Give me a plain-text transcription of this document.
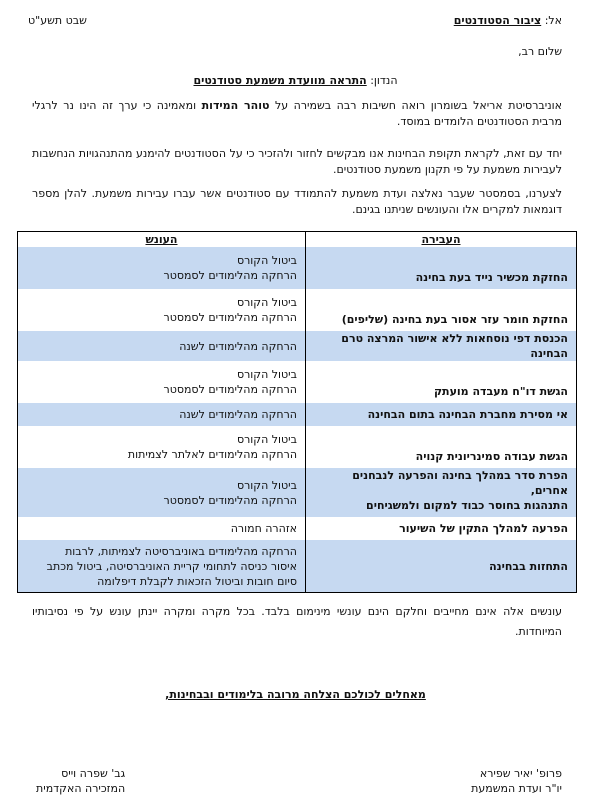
אל: ציבור הסטודנטים
שבט תשע"ט
שלום רב,
הנדון: התראה מוועדת משמעת סטודנטים
אוניברסיטת אריאל בשומרון רואה חשיבות רבה בשמירה על טוהר המידות ומאמינה כי ערך זה הינו נר לרגלי מרבית הסטודנטים הלומדים במוסד.
יחד עם זאת, לקראת תקופת הבחינות אנו מבקשים לחזור ולהזכיר כי על הסטודנטים להימנע מהתנהגויות הנחשבות לעבירות משמעת על פי תקנון משמעת סטודנטים.
לצערנו, בסמסטר שעבר נאלצה ועדת משמעת להתמודד עם סטודנטים אשר עברו עבירות משמעת. להלן מספר דוגמאות למקרים אלו והעונשים שניתנו בגינם.
העבירה	העונש

החזקת מכשיר נייד בעת בחינה	ביטול הקורס
הרחקה מהלימודים לסמסטר

החזקת חומר עזר אסור בעת בחינה (שליפים)	ביטול הקורס
הרחקה מהלימודים לסמסטר

הכנסת דפי נוסחאות ללא אישור המרצה טרם הבחינה	הרחקה מהלימודים לשנה

הגשת דו"ח מעבדה מועתק	ביטול הקורס
הרחקה מהלימודים לסמסטר

אי מסירת מחברת הבחינה בתום הבחינה	הרחקה מהלימודים לשנה

הגשת עבודה סמינריונית קנויה	ביטול הקורס
הרחקה מהלימודים לאלתר לצמיתות

הפרת סדר במהלך בחינה והפרעה לנבחנים אחרים,
התנהגות בחוסר כבוד למקום ולמשגיחים	ביטול הקורס
הרחקה מהלימודים לסמסטר

הפרעה למהלך התקין של השיעור	אזהרה חמורה

התחזות בבחינה	הרחקה מהלימודים באוניברסיטה לצמיתות, לרבות
איסור כניסה לתחומי קריית האוניברסיטה, ביטול מכתב
סיום חובות וביטול הזכאות לקבלת דיפלומה
עונשים אלה אינם מחייבים וחלקם הינם עונשי מינימום בלבד. בכל מקרה ומקרה יינתן עונש על פי נסיבותיו המיוחדות.
מאחלים לכולכם הצלחה מרובה בלימודים ובבחינות,
פרופ' יאיר שפירא
יו"ר ועדת המשמעת
גב' שפרה וייס
המזכירה האקדמית
